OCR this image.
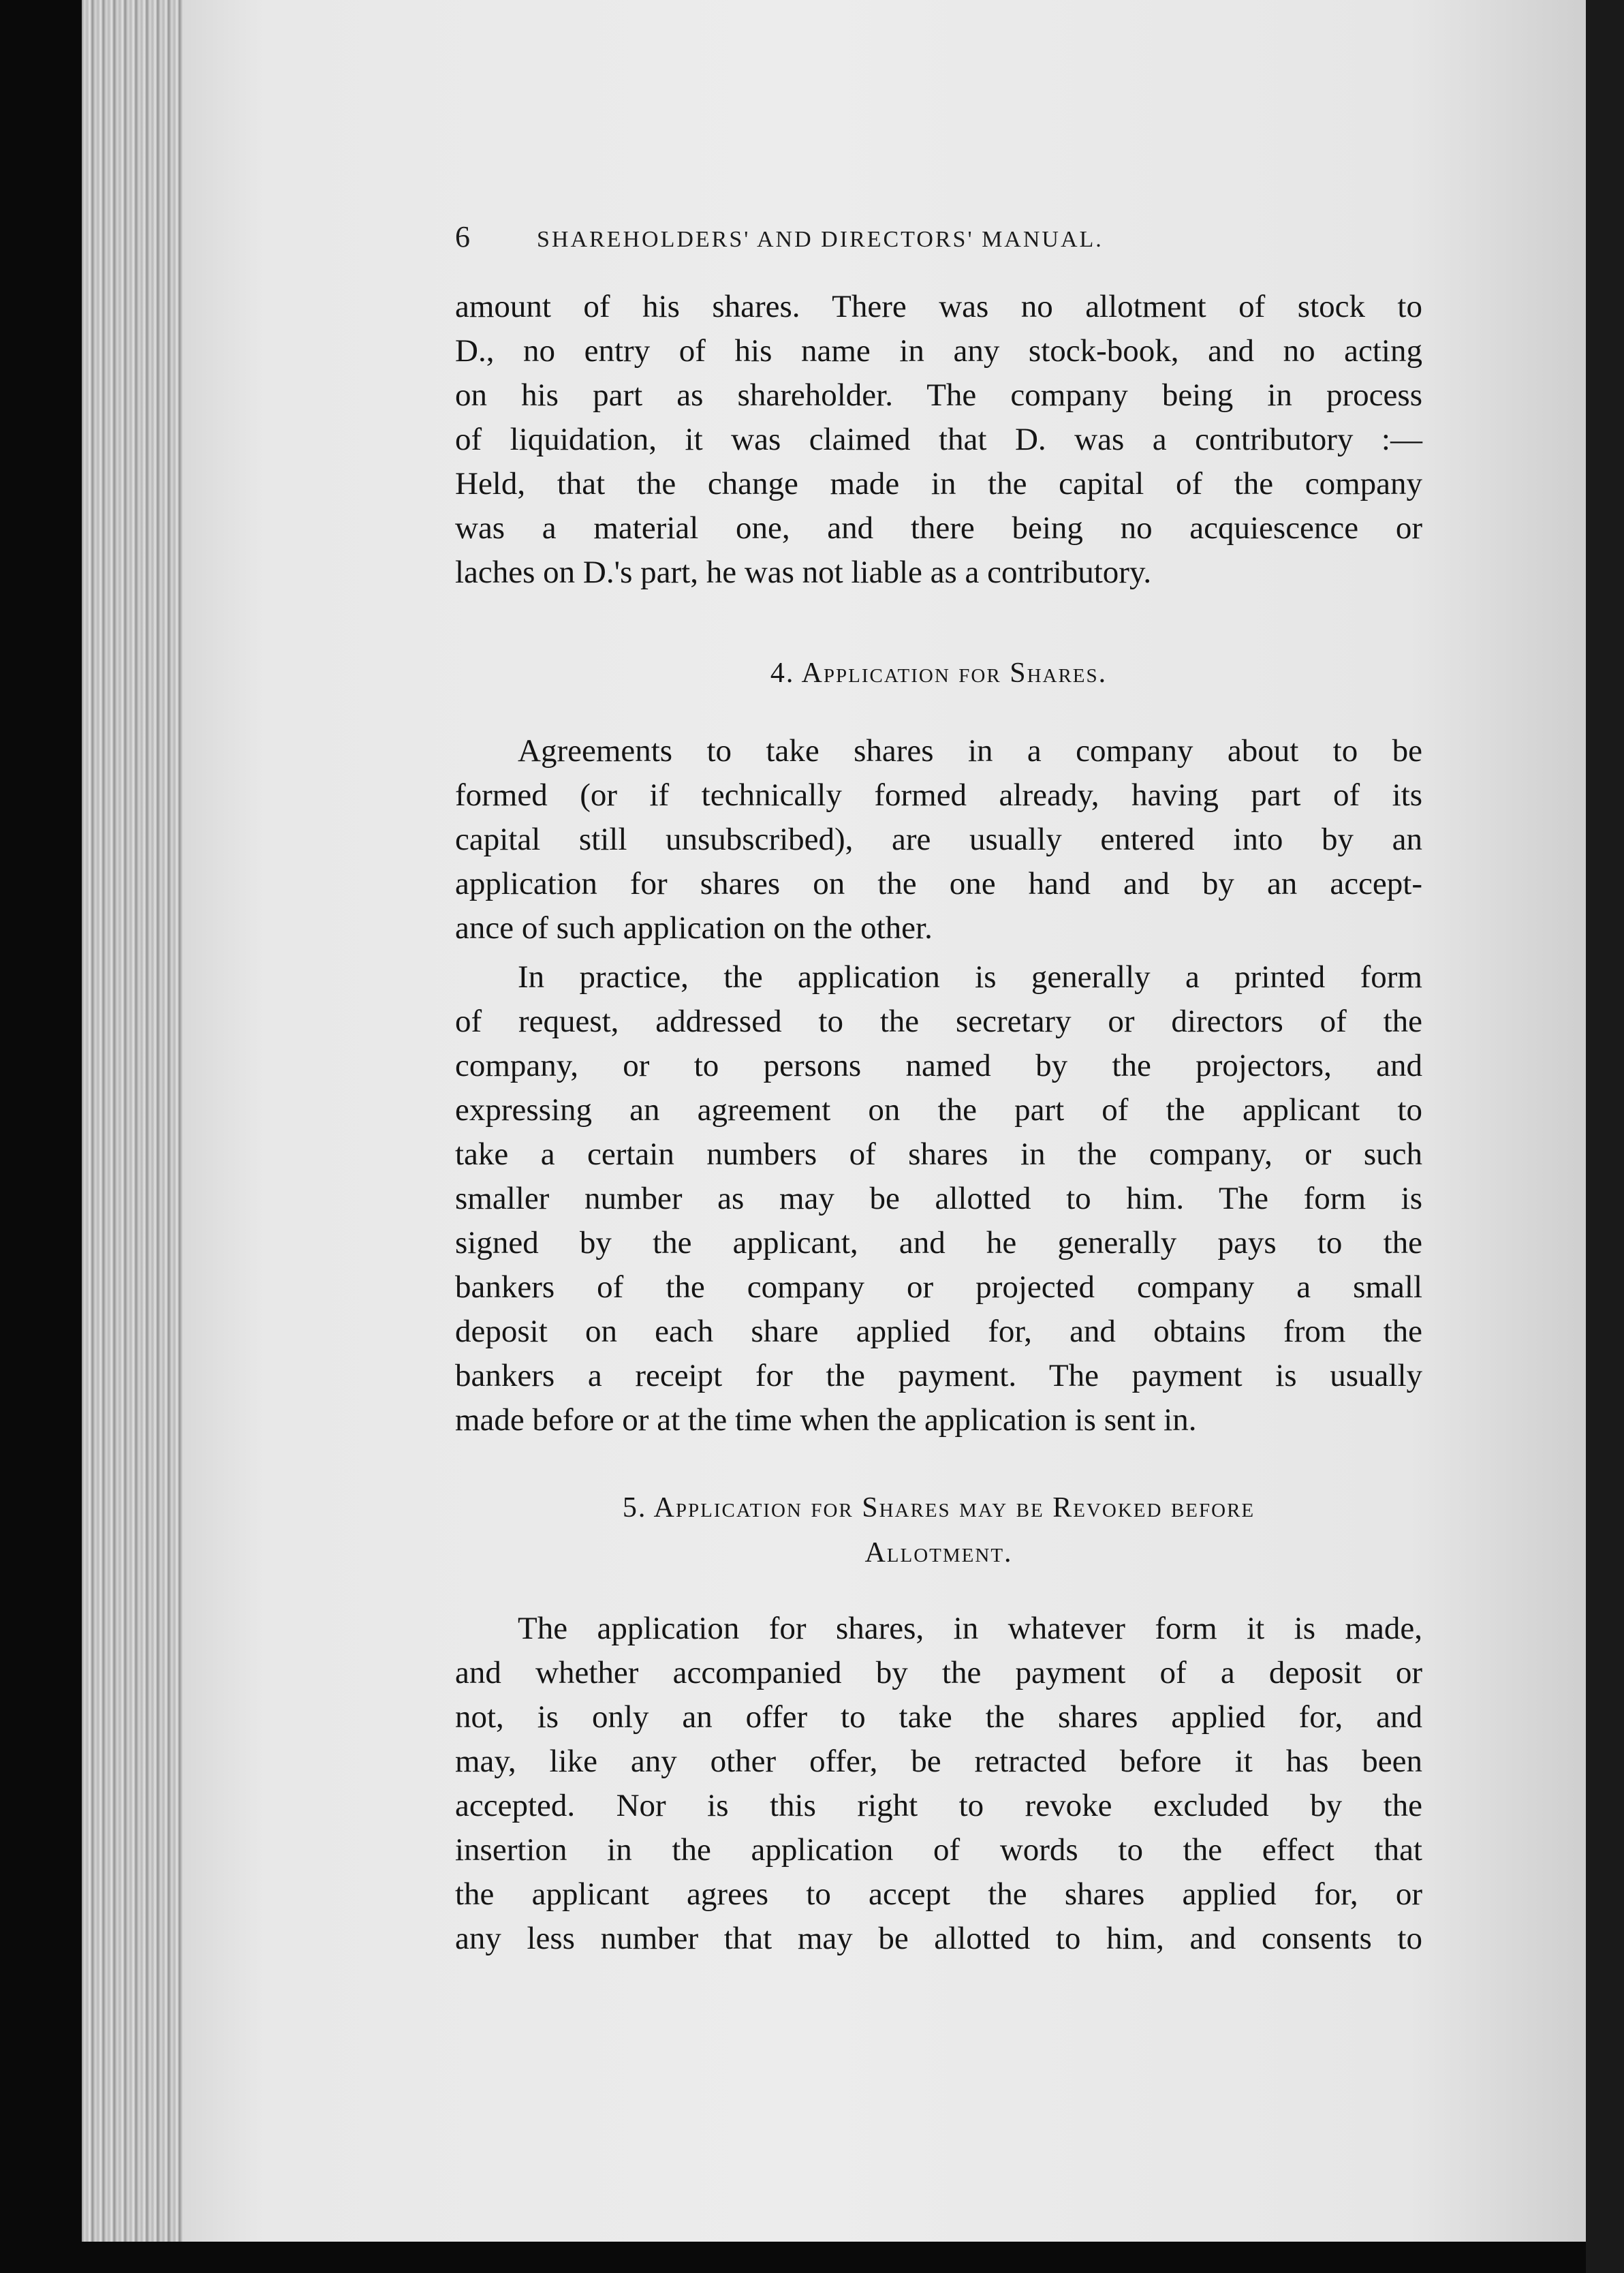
6	SHAREHOLDERS' AND DIRECTORS' MANUAL.
amount of his shares. There was no allotment of stock to
D., no entry of his name in any stock-book, and no acting
on his part as shareholder. The company being in process
of liquidation, it was claimed that D. was a contributory :—
Held, that the change made in the capital of the company
was a material one, and there being no acquiescence or
laches on D.'s part, he was not liable as a contributory.
4. Application for Shares.
Agreements to take shares in a company about to be
formed (or if technically formed already, having part of its
capital still unsubscribed), are usually entered into by an
application for shares on the one hand and by an accept-
ance of such application on the other.
In practice, the application is generally a printed form
of request, addressed to the secretary or directors of the
company, or to persons named by the projectors, and
expressing an agreement on the part of the applicant to
take a certain numbers of shares in the company, or such
smaller number as may be allotted to him. The form is
signed by the applicant, and he generally pays to the
bankers of the company or projected company a small
deposit on each share applied for, and obtains from the
bankers a receipt for the payment. The payment is usually
made before or at the time when the application is sent in.
5. Application for Shares may be Revoked before
Allotment.
The application for shares, in whatever form it is made,
and whether accompanied by the payment of a deposit or
not, is only an offer to take the shares applied for, and
may, like any other offer, be retracted before it has been
accepted. Nor is this right to revoke excluded by the
insertion in the application of words to the effect that
the applicant agrees to accept the shares applied for, or
any less number that may be allotted to him, and consents to
